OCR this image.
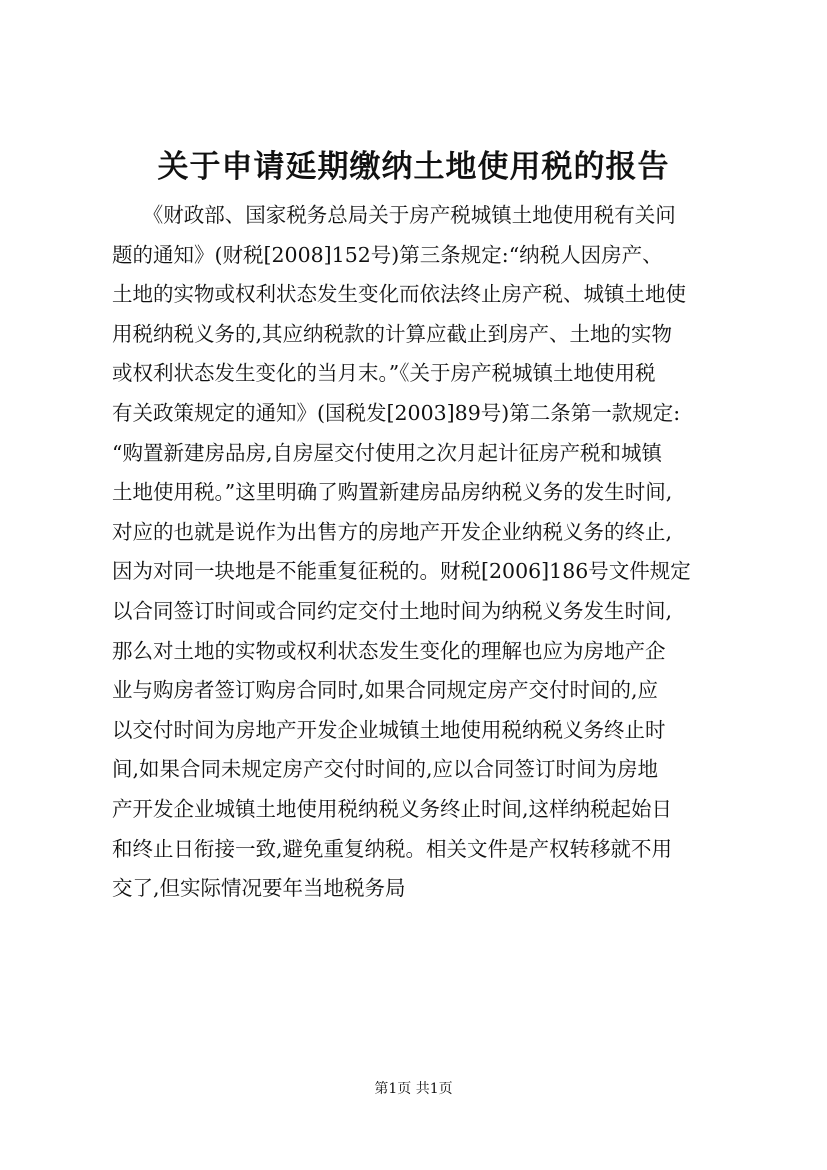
关于申请延期缴纳土地使用税的报告
　　《财政部、国家税务总局关于房产税城镇土地使用税有关问
题的通知》(财税[2008]152号)第三条规定:“纳税人因房产、
土地的实物或权利状态发生变化而依法终止房产税、城镇土地使
用税纳税义务的,其应纳税款的计算应截止到房产、土地的实物
或权利状态发生变化的当月末。”《关于房产税城镇土地使用税
有关政策规定的通知》(国税发[2003]89号)第二条第一款规定:
“购置新建房品房,自房屋交付使用之次月起计征房产税和城镇
土地使用税。”这里明确了购置新建房品房纳税义务的发生时间,
对应的也就是说作为出售方的房地产开发企业纳税义务的终止,
因为对同一块地是不能重复征税的。财税[2006]186号文件规定
以合同签订时间或合同约定交付土地时间为纳税义务发生时间,
那么对土地的实物或权利状态发生变化的理解也应为房地产企
业与购房者签订购房合同时,如果合同规定房产交付时间的,应
以交付时间为房地产开发企业城镇土地使用税纳税义务终止时
间,如果合同未规定房产交付时间的,应以合同签订时间为房地
产开发企业城镇土地使用税纳税义务终止时间,这样纳税起始日
和终止日衔接一致,避免重复纳税。相关文件是产权转移就不用
交了,但实际情况要年当地税务局
第1页 共1页
